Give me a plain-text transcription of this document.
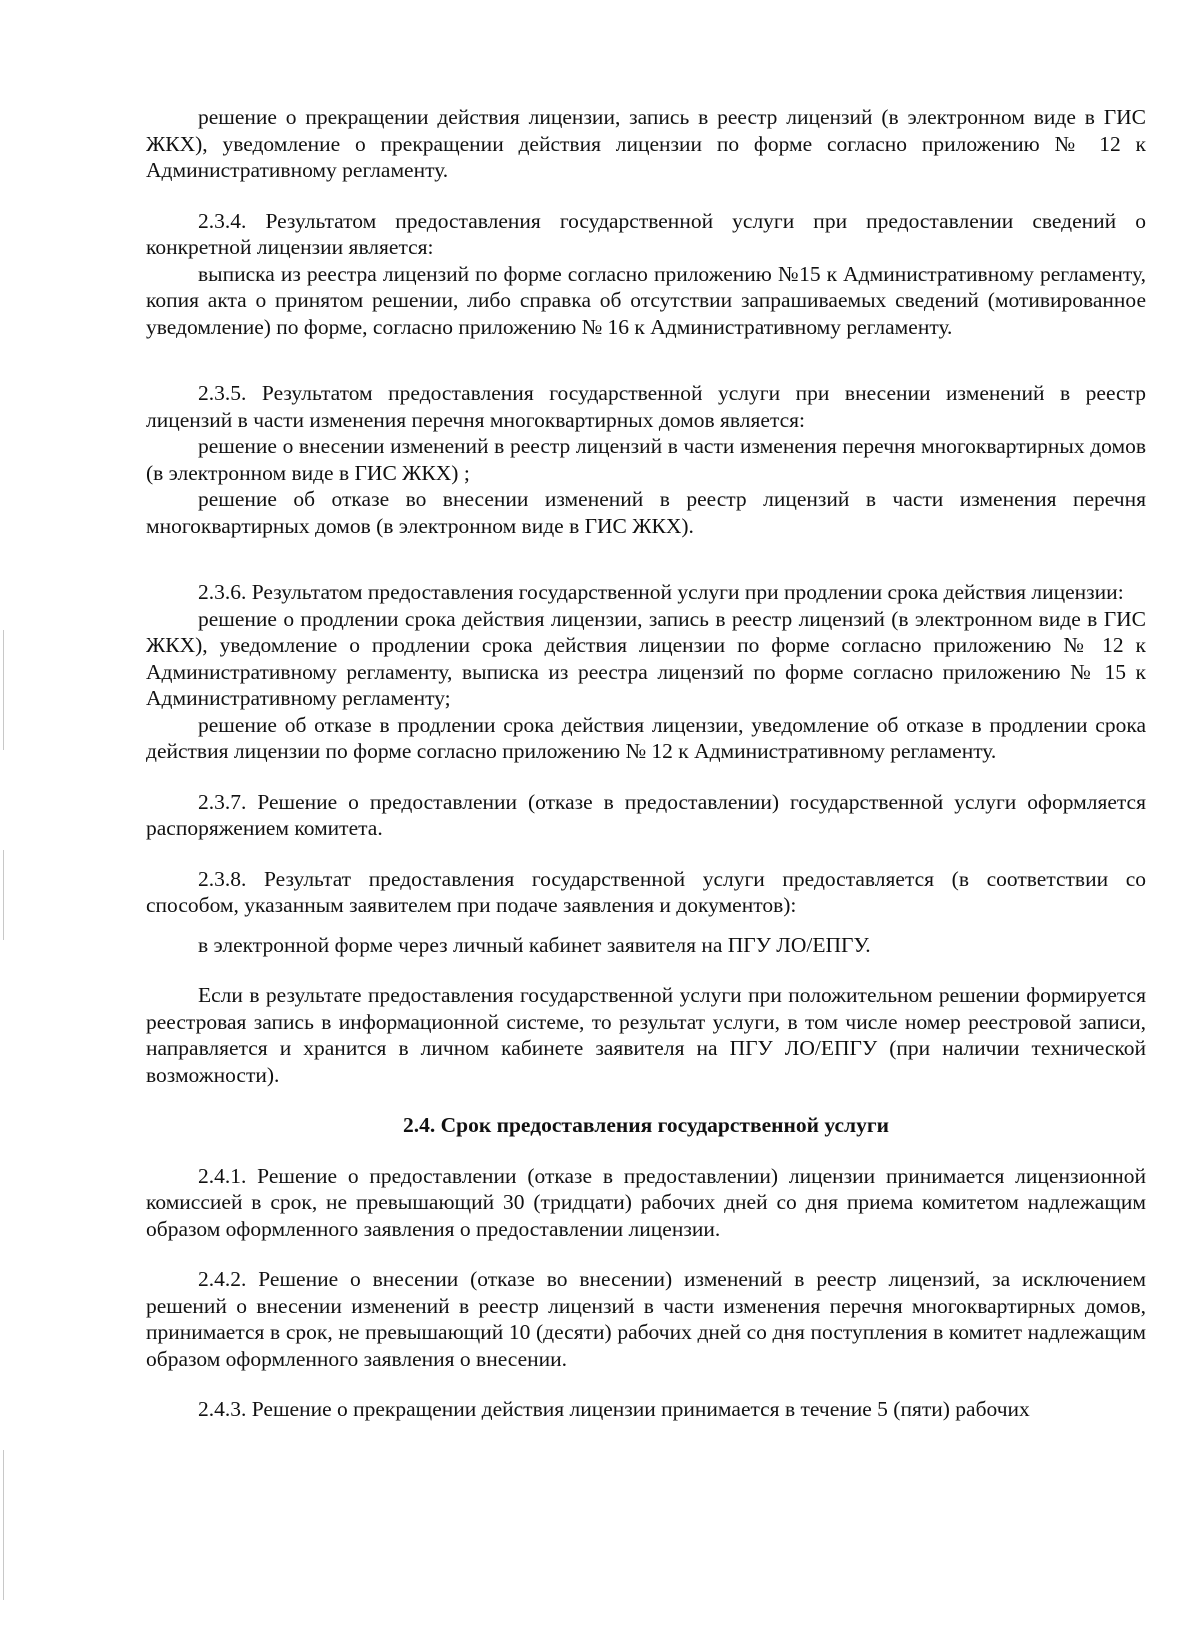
решение о прекращении действия лицензии, запись в реестр лицензий (в электронном виде в ГИС ЖКХ), уведомление о прекращении действия лицензии по форме согласно приложению № 12 к Административному регламенту.

2.3.4. Результатом предоставления государственной услуги при предоставлении сведений о конкретной лицензии является:

выписка из реестра лицензий по форме согласно приложению №15 к Административному регламенту, копия акта о принятом решении, либо справка об отсутствии запрашиваемых сведений (мотивированное уведомление) по форме, согласно приложению № 16 к Административному регламенту.

2.3.5. Результатом предоставления государственной услуги при внесении изменений в реестр лицензий в части изменения перечня многоквартирных домов является:

решение о внесении изменений в реестр лицензий в части изменения перечня многоквартирных домов (в электронном виде в ГИС ЖКХ) ;

решение об отказе во внесении изменений в реестр лицензий в части изменения перечня многоквартирных домов (в электронном виде в ГИС ЖКХ).

2.3.6. Результатом предоставления государственной услуги при продлении срока действия лицензии:

решение о продлении срока действия лицензии, запись в реестр лицензий (в электронном виде в ГИС ЖКХ), уведомление о продлении срока действия лицензии по форме согласно приложению № 12 к Административному регламенту, выписка из реестра лицензий по форме согласно приложению № 15 к Административному регламенту;

решение об отказе в продлении срока действия лицензии, уведомление об отказе в продлении срока действия лицензии по форме согласно приложению № 12 к Административному регламенту.

2.3.7. Решение о предоставлении (отказе в предоставлении) государственной услуги оформляется распоряжением комитета.

2.3.8. Результат предоставления государственной услуги предоставляется (в соответствии со способом, указанным заявителем при подаче заявления и документов):

в электронной форме через личный кабинет заявителя на ПГУ ЛО/ЕПГУ.

Если в результате предоставления государственной услуги при положительном решении формируется реестровая запись в информационной системе, то результат услуги, в том числе номер реестровой записи, направляется и хранится в личном кабинете заявителя на ПГУ ЛО/ЕПГУ (при наличии технической возможности).

2.4. Срок предоставления государственной услуги

2.4.1. Решение о предоставлении (отказе в предоставлении) лицензии принимается лицензионной комиссией в срок, не превышающий 30 (тридцати) рабочих дней со дня приема комитетом надлежащим образом оформленного заявления о предоставлении лицензии.

2.4.2. Решение о внесении (отказе во внесении) изменений в реестр лицензий, за исключением решений о внесении изменений в реестр лицензий в части изменения перечня многоквартирных домов, принимается в срок, не превышающий 10 (десяти) рабочих дней со дня поступления в комитет надлежащим образом оформленного заявления о внесении.

2.4.3. Решение о прекращении действия лицензии принимается в течение 5 (пяти) рабочих
